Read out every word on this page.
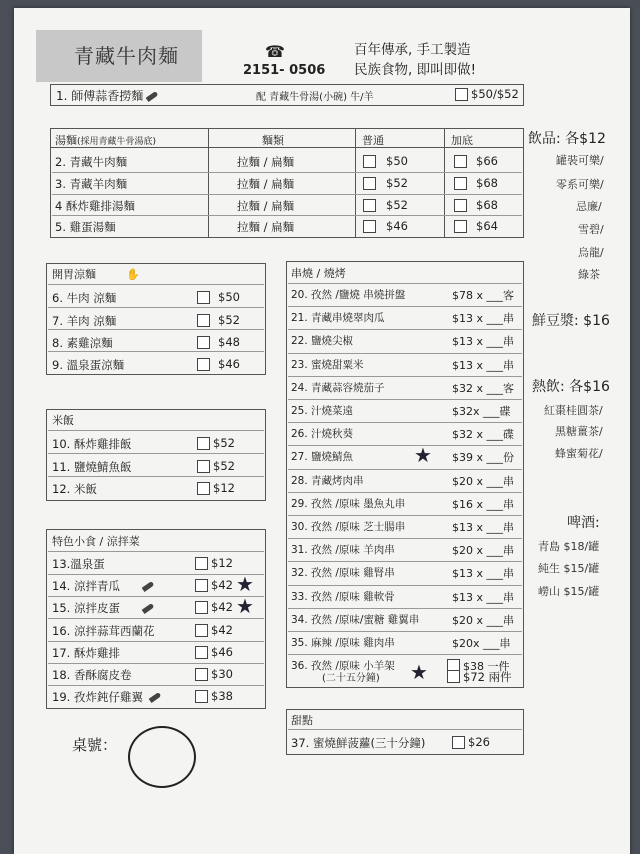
青藏牛肉麺	☎
2151- 0506
百年傳承, 手工製造
民族食物, 即叫即做!
1. 師傅蒜香撈麵	配 青藏牛骨湯(小碗) 牛/羊	$50/$52
湯麵(採用青藏牛骨湯底)	麵類	普通	加底
2. 青藏牛肉麵	拉麵 / 扁麵	$50	$66
3. 青藏羊肉麵	拉麵 / 扁麵	$52	$68
4 酥炸雞排湯麵	拉麵 / 扁麵	$52	$68
5. 雞蛋湯麵	拉麵 / 扁麵	$46	$64
開胃涼麵	✋
6. 牛肉 涼麵	$50
7. 羊肉 涼麵	$52
8. 素雞涼麵	$48
9. 溫泉蛋涼麵	$46
米飯
10. 酥炸雞排飯	$52
11. 鹽燒鯖魚飯	$52
12. 米飯	$12
特色小食 / 涼拌菜
13.溫泉蛋	$12
14. 涼拌青瓜	$42 ★
15. 涼拌皮蛋	$42 ★
16. 涼拌蒜茸西蘭花	$42
17. 酥炸雞排	$46
18. 香酥腐皮卷	$30
19. 孜炸鈍仔雞翼	$38
桌號：
串燒 / 燒烤
20. 孜然 /鹽燒 串燒拼盤	$78 x ___客
21. 青藏串燒翠肉瓜	$13 x ___串
22. 鹽燒尖椒	$13 x ___串
23. 蜜燒甜粟米	$13 x ___串
24. 青藏蒜容燒茄子	$32 x ___客
25. 汁燒菜遠	$32x ___碟
26. 汁燒秋葵	$32 x ___碟
27. 鹽燒鯖魚	$39 x ___份
★
28. 青藏烤肉串	$20 x ___串
29. 孜然 /原味 墨魚丸串	$16 x ___串
30. 孜然 /原味 芝士腸串	$13 x ___串
31. 孜然 /原味 羊肉串	$20 x ___串
32. 孜然 /原味 雞腎串	$13 x ___串
33. 孜然 /原味 雞軟骨	$13 x ___串
34. 孜然 /原味/蜜糖 雞翼串	$20 x ___串
35. 麻辣 /原味 雞肉串	$20x ___串
36. 孜然 /原味 小羊架	$38 一件
(二十五分鐘) ★	$72 兩件
甜點
37. 蜜燒鮮菠蘿(三十分鐘)	$26
飲品: 各$12
罐裝可樂/
零系可樂/
忌廉/
雪碧/
烏龍/
綠茶
鮮豆漿: $16
熱飲: 各$16
紅棗桂圓茶/
黑糖薑茶/
蜂蜜菊花/
啤酒:
青島 $18/罐
純生 $15/罐
嶗山 $15/罐
